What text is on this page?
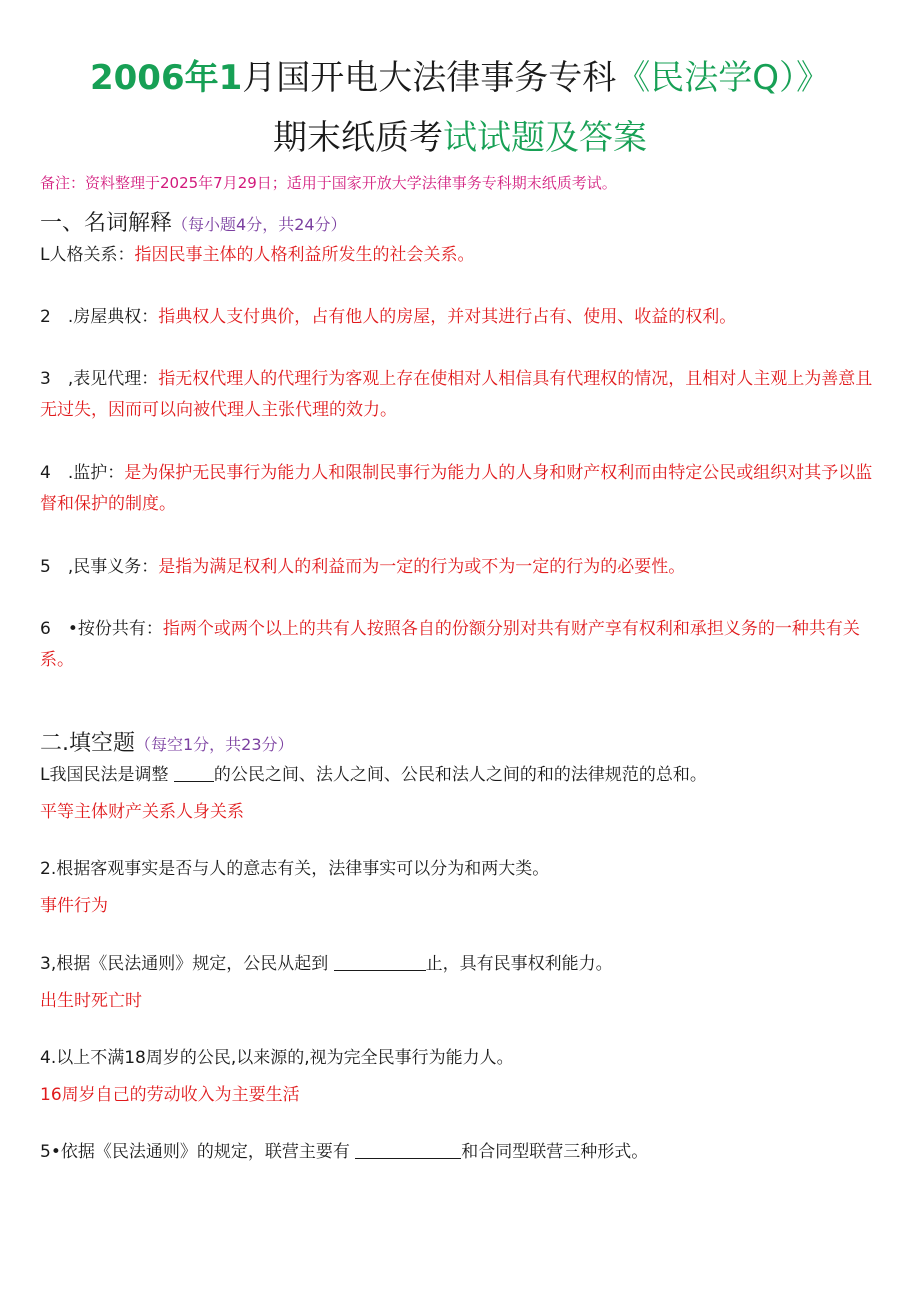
2006年1月国开电大法律事务专科《民法学Q）》
期末纸质考试试题及答案
备注：资料整理于2025年7月29日；适用于国家开放大学法律事务专科期末纸质考试。
一、名词解释（每小题4分，共24分）
L人格关系：指因民事主体的人格利益所发生的社会关系。
2　.房屋典权：指典权人支付典价，占有他人的房屋，并对其进行占有、使用、收益的权利。
3　,表见代理：指无权代理人的代理行为客观上存在使相对人相信具有代理权的情况，且相对人主观上为善意且无过失，因而可以向被代理人主张代理的效力。
4　.监护：是为保护无民事行为能力人和限制民事行为能力人的人身和财产权利而由特定公民或组织对其予以监督和保护的制度。
5　,民事义务：是指为满足权利人的利益而为一定的行为或不为一定的行为的必要性。
6　•按份共有：指两个或两个以上的共有人按照各自的份额分别对共有财产享有权利和承担义务的一种共有关系。
二.填空题（每空1分，共23分）
L我国民法是调整 的公民之间、法人之间、公民和法人之间的和的法律规范的总和。
平等主体财产关系人身关系
2.根据客观事实是否与人的意志有关，法律事实可以分为和两大类。
事件行为
3,根据《民法通则》规定，公民从起到	止，具有民事权利能力。
出生时死亡时
4.以上不满18周岁的公民,以来源的,视为完全民事行为能力人。
16周岁自己的劳动收入为主要生活
5•依据《民法通则》的规定，联营主要有	和合同型联营三种形式。
